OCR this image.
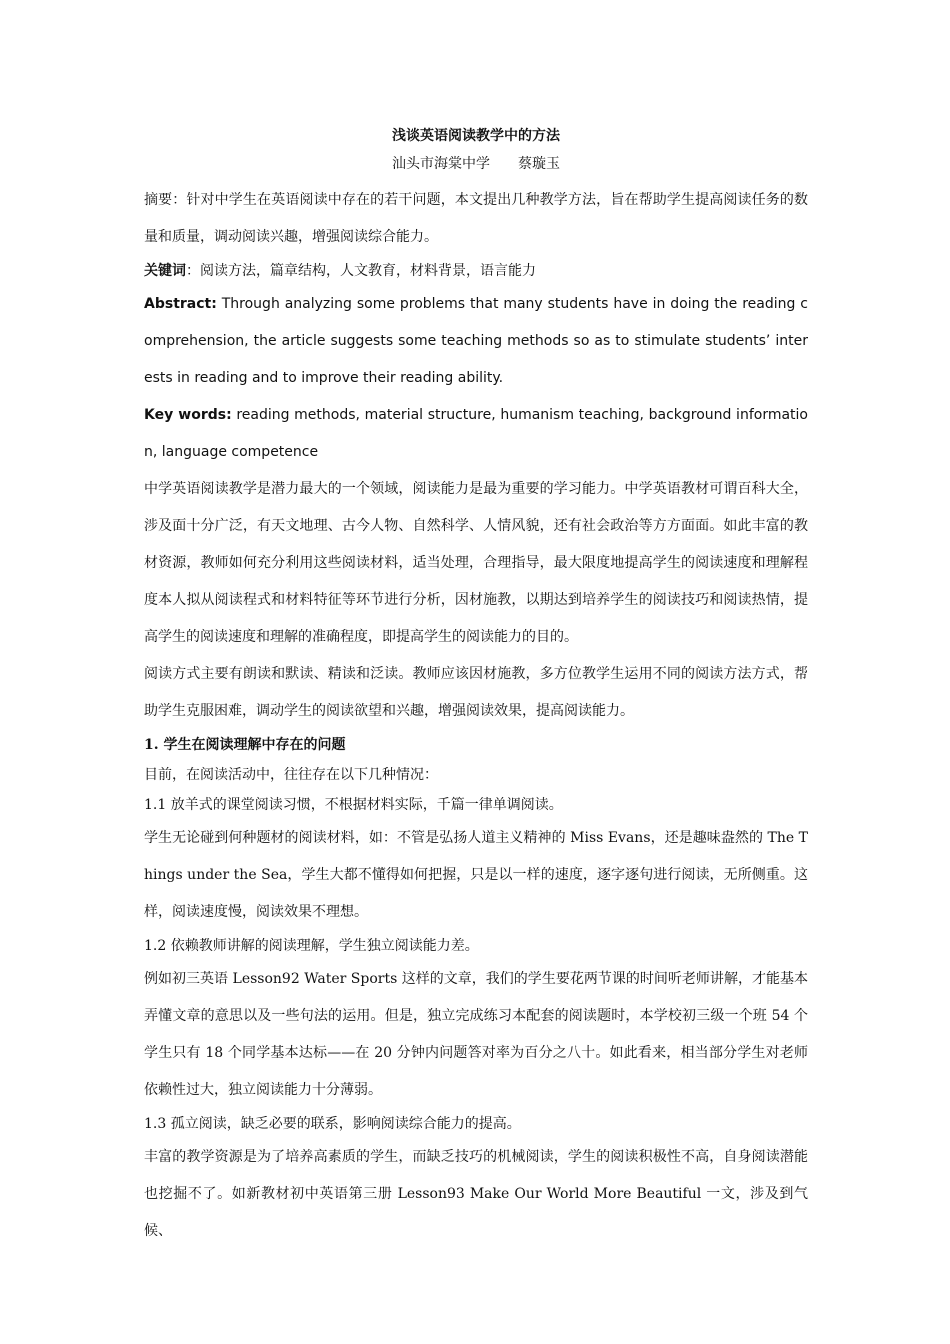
浅谈英语阅读教学中的方法

汕头市海棠中学　　蔡璇玉

摘要：针对中学生在英语阅读中存在的若干问题，本文提出几种教学方法，旨在帮助学生提高阅读任务的数量和质量，调动阅读兴趣，增强阅读综合能力。

关键词：阅读方法，篇章结构，人文教育，材料背景，语言能力

Abstract: Through analyzing some problems that many students have in doing the reading comprehension, the article suggests some teaching methods so as to stimulate students’ interests in reading and to improve their reading ability.

Key words: reading methods, material structure, humanism teaching, background information, language competence

中学英语阅读教学是潜力最大的一个领域，阅读能力是最为重要的学习能力。中学英语教材可谓百科大全，涉及面十分广泛，有天文地理、古今人物、自然科学、人情风貌，还有社会政治等方方面面。如此丰富的教材资源，教师如何充分利用这些阅读材料，适当处理，合理指导，最大限度地提高学生的阅读速度和理解程度本人拟从阅读程式和材料特征等环节进行分析，因材施教，以期达到培养学生的阅读技巧和阅读热情，提高学生的阅读速度和理解的准确程度，即提高学生的阅读能力的目的。

阅读方式主要有朗读和默读、精读和泛读。教师应该因材施教，多方位教学生运用不同的阅读方法方式，帮助学生克服困难，调动学生的阅读欲望和兴趣，增强阅读效果，提高阅读能力。

1. 学生在阅读理解中存在的问题

目前，在阅读活动中，往往存在以下几种情况：

1.1 放羊式的课堂阅读习惯，不根据材料实际，千篇一律单调阅读。

学生无论碰到何种题材的阅读材料，如：不管是弘扬人道主义精神的 Miss Evans，还是趣味盎然的 The Things under the Sea，学生大都不懂得如何把握，只是以一样的速度，逐字逐句进行阅读，无所侧重。这样，阅读速度慢，阅读效果不理想。

1.2 依赖教师讲解的阅读理解，学生独立阅读能力差。

例如初三英语 Lesson92 Water Sports 这样的文章，我们的学生要花两节课的时间听老师讲解，才能基本弄懂文章的意思以及一些句法的运用。但是，独立完成练习本配套的阅读题时，本学校初三级一个班 54 个学生只有 18 个同学基本达标——在 20 分钟内问题答对率为百分之八十。如此看来，相当部分学生对老师依赖性过大，独立阅读能力十分薄弱。

1.3 孤立阅读，缺乏必要的联系，影响阅读综合能力的提高。

丰富的教学资源是为了培养高素质的学生，而缺乏技巧的机械阅读，学生的阅读积极性不高，自身阅读潜能也挖掘不了。如新教材初中英语第三册 Lesson93 Make Our World More Beautiful 一文，涉及到气候、
